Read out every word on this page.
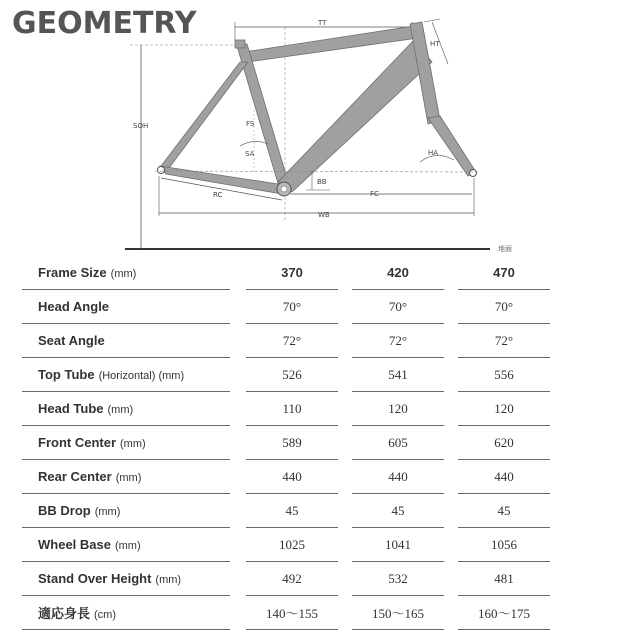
GEOMETRY
地面
SOH
TT
HT
FS
SA	HA
BB
RC	FC
WB
Frame Size (mm)		370		420		470
Head Angle		70°		70°		70°
Seat Angle		72°		72°		72°
Top Tube (Horizontal) (mm)		526		541		556
Head Tube (mm)		110		120		120
Front Center (mm)		589		605		620
Rear Center (mm)		440		440		440
BB Drop (mm)		45		45		45
Wheel Base (mm)		1025		1041		1056
Stand Over Height (mm)		492		532		481
適応身長 (cm)		140～155		150～165		160～175
